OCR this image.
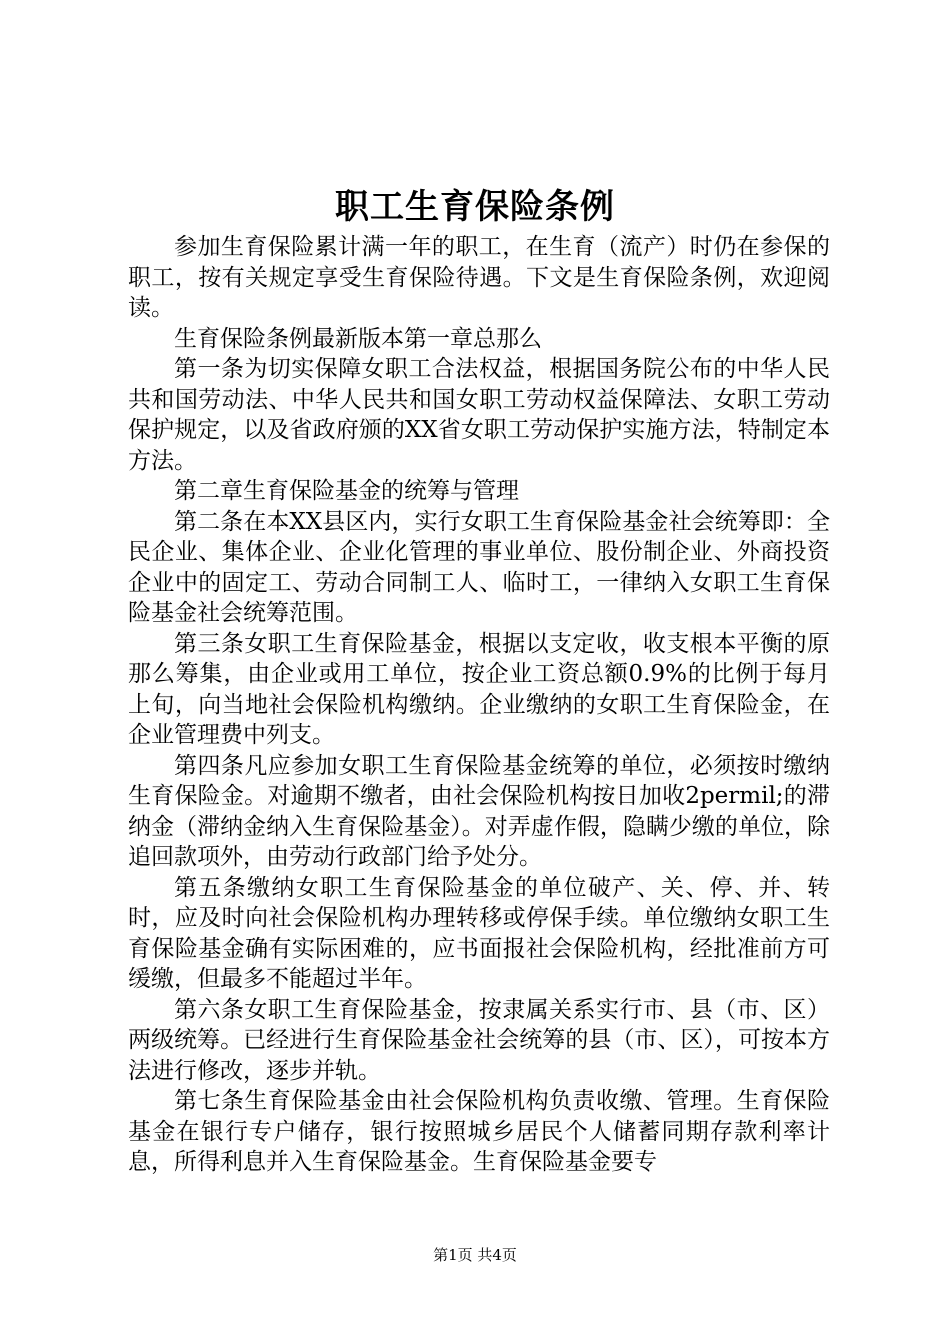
职工生育保险条例

参加生育保险累计满一年的职工，在生育（流产）时仍在参保的职工，按有关规定享受生育保险待遇。下文是生育保险条例，欢迎阅读。

生育保险条例最新版本第一章总那么

第一条为切实保障女职工合法权益，根据国务院公布的中华人民共和国劳动法、中华人民共和国女职工劳动权益保障法、女职工劳动保护规定，以及省政府颁的XX省女职工劳动保护实施方法，特制定本方法。

第二章生育保险基金的统筹与管理

第二条在本XX县区内，实行女职工生育保险基金社会统筹即：全民企业、集体企业、企业化管理的事业单位、股份制企业、外商投资企业中的固定工、劳动合同制工人、临时工，一律纳入女职工生育保险基金社会统筹范围。

第三条女职工生育保险基金，根据以支定收，收支根本平衡的原那么筹集，由企业或用工单位，按企业工资总额0.9%的比例于每月上旬，向当地社会保险机构缴纳。企业缴纳的女职工生育保险金，在企业管理费中列支。

第四条凡应参加女职工生育保险基金统筹的单位，必须按时缴纳生育保险金。对逾期不缴者，由社会保险机构按日加收2permil;的滞纳金（滞纳金纳入生育保险基金）。对弄虚作假，隐瞒少缴的单位，除追回款项外，由劳动行政部门给予处分。

第五条缴纳女职工生育保险基金的单位破产、关、停、并、转时，应及时向社会保险机构办理转移或停保手续。单位缴纳女职工生育保险基金确有实际困难的，应书面报社会保险机构，经批准前方可缓缴，但最多不能超过半年。

第六条女职工生育保险基金，按隶属关系实行市、县（市、区）两级统筹。已经进行生育保险基金社会统筹的县（市、区），可按本方法进行修改，逐步并轨。

第七条生育保险基金由社会保险机构负责收缴、管理。生育保险基金在银行专户储存，银行按照城乡居民个人储蓄同期存款利率计息，所得利息并入生育保险基金。生育保险基金要专

第1页 共4页
